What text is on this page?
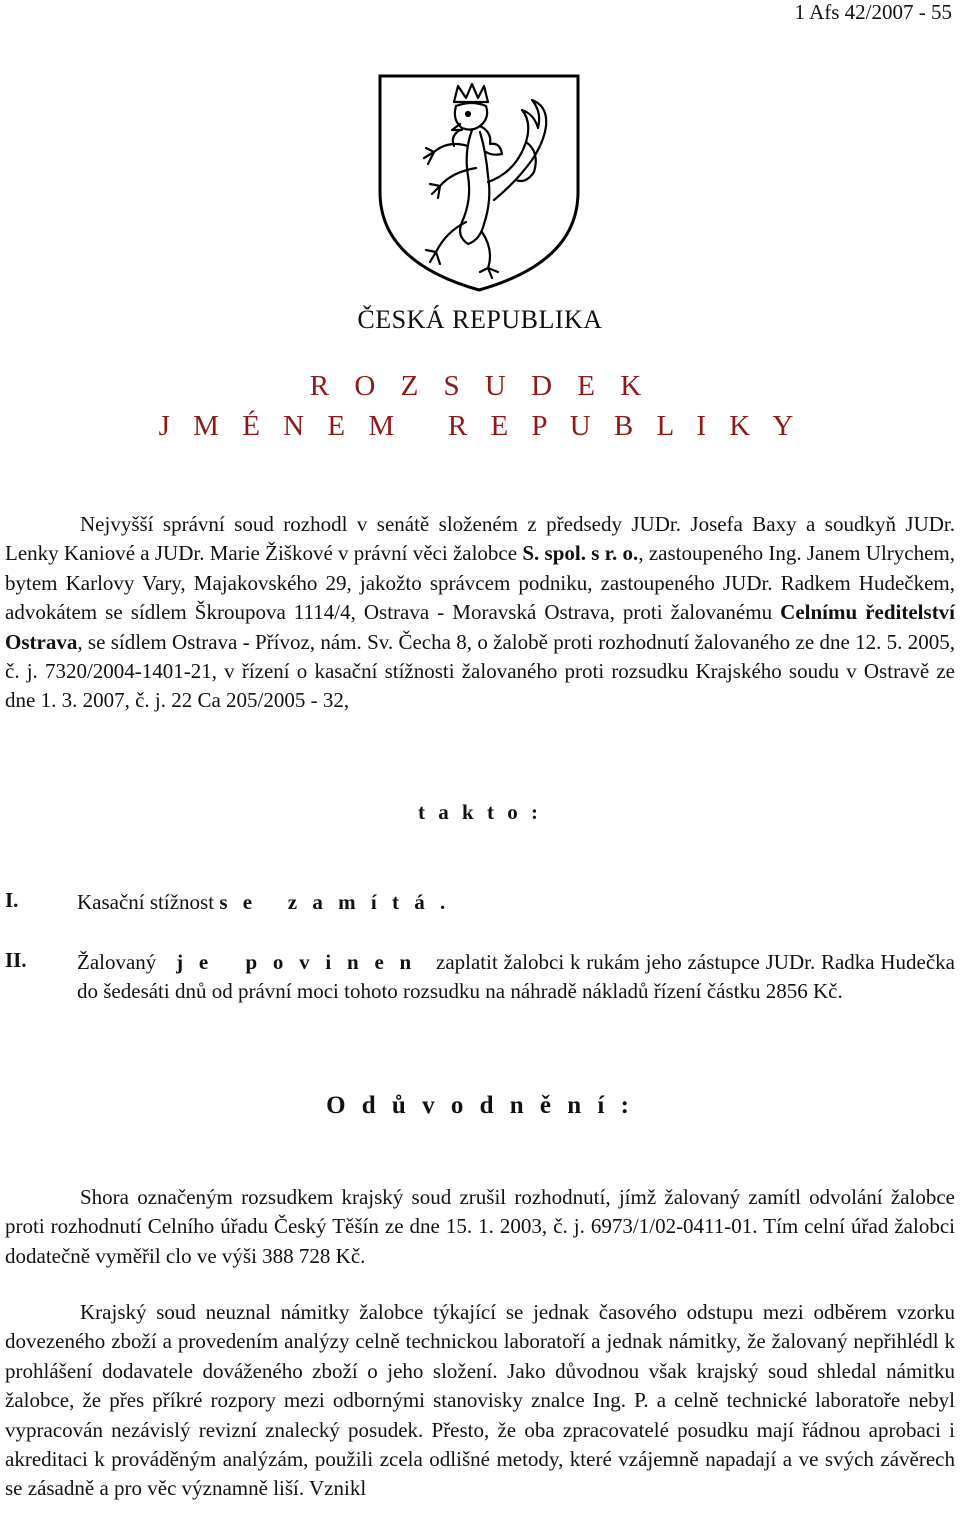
1 Afs 42/2007 - 55
ČESKÁ REPUBLIKA
R O Z S U D E K
J M É N E M   R E P U B L I K Y
Nejvyšší správní soud rozhodl v senátě složeném z předsedy JUDr. Josefa Baxy a soudkyň JUDr. Lenky Kaniové a JUDr. Marie Žiškové v právní věci žalobce S. spol. s r. o., zastoupeného Ing. Janem Ulrychem, bytem Karlovy Vary, Majakovského 29, jakožto správcem podniku, zastoupeného JUDr. Radkem Hudečkem, advokátem se sídlem Škroupova 1114/4, Ostrava - Moravská Ostrava, proti žalovanému Celnímu ředitelství Ostrava, se sídlem Ostrava - Přívoz, nám. Sv. Čecha 8, o žalobě proti rozhodnutí žalovaného ze dne 12. 5. 2005, č. j. 7320/2004-1401-21, v řízení o kasační stížnosti žalovaného proti rozsudku Krajského soudu v Ostravě ze dne 1. 3. 2007, č. j. 22 Ca 205/2005 - 32,
t a k t o :
I.	Kasační stížnost s e   z a m í t á .
II. Žalovaný j e   p o v i n e n zaplatit žalobci k rukám jeho zástupce JUDr. Radka Hudečka do šedesáti dnů od právní moci tohoto rozsudku na náhradě nákladů řízení částku 2856 Kč.
O d ů v o d n ě n í :
Shora označeným rozsudkem krajský soud zrušil rozhodnutí, jímž žalovaný zamítl odvolání žalobce proti rozhodnutí Celního úřadu Český Těšín ze dne 15. 1. 2003, č. j. 6973/1/02-0411-01. Tím celní úřad žalobci dodatečně vyměřil clo ve výši 388 728 Kč.
Krajský soud neuznal námitky žalobce týkající se jednak časového odstupu mezi odběrem vzorku dovezeného zboží a provedením analýzy celně technickou laboratoří a jednak námitky, že žalovaný nepřihlédl k prohlášení dodavatele dováženého zboží o jeho složení. Jako důvodnou však krajský soud shledal námitku žalobce, že přes příkré rozpory mezi odbornými stanovisky znalce Ing. P. a celně technické laboratoře nebyl vypracován nezávislý revizní znalecký posudek. Přesto, že oba zpracovatelé posudku mají řádnou aprobaci i akreditaci k prováděným analýzám, použili zcela odlišné metody, které vzájemně napadají a ve svých závěrech se zásadně a pro věc významně liší. Vznikl
